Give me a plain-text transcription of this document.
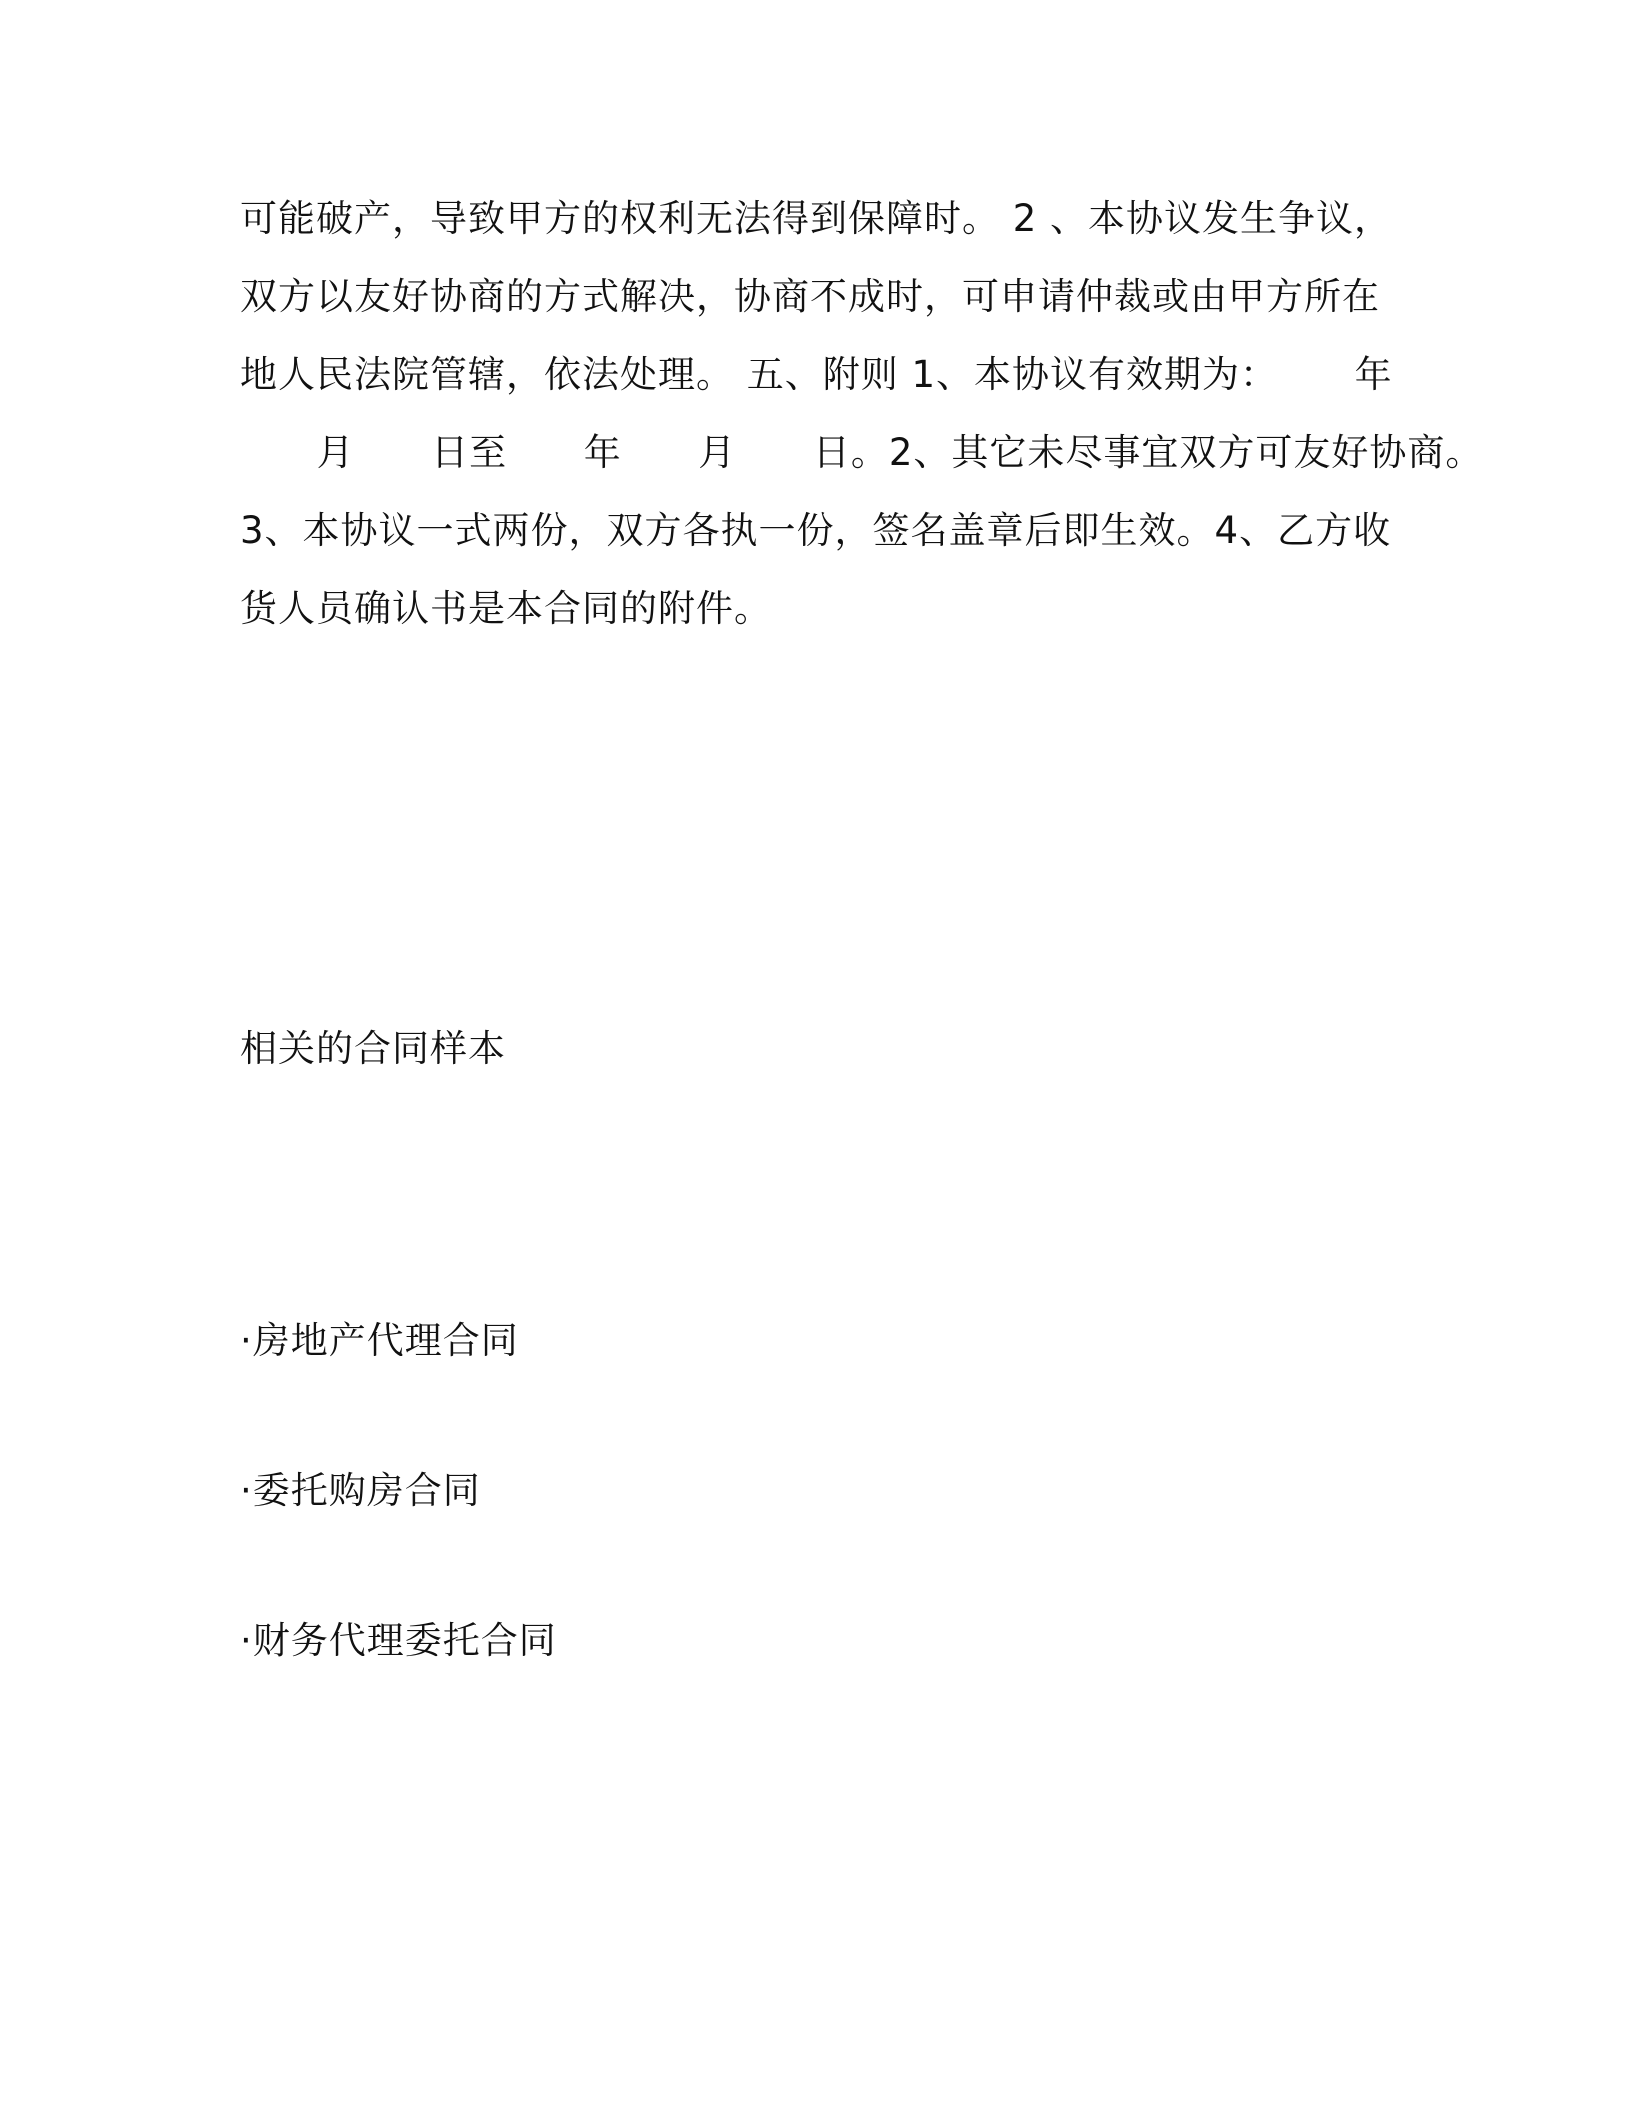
可能破产，导致甲方的权利无法得到保障时。 2 、本协议发生争议，
双方以友好协商的方式解决，协商不成时，可申请仲裁或由甲方所在
地人民法院管辖，依法处理。 五、附则 1、本协议有效期为：      年
月      日至      年      月      日。2、其它未尽事宜双方可友好协商。
3、本协议一式两份，双方各执一份，签名盖章后即生效。4、乙方收
货人员确认书是本合同的附件。
相关的合同样本
·房地产代理合同
·委托购房合同
·财务代理委托合同
